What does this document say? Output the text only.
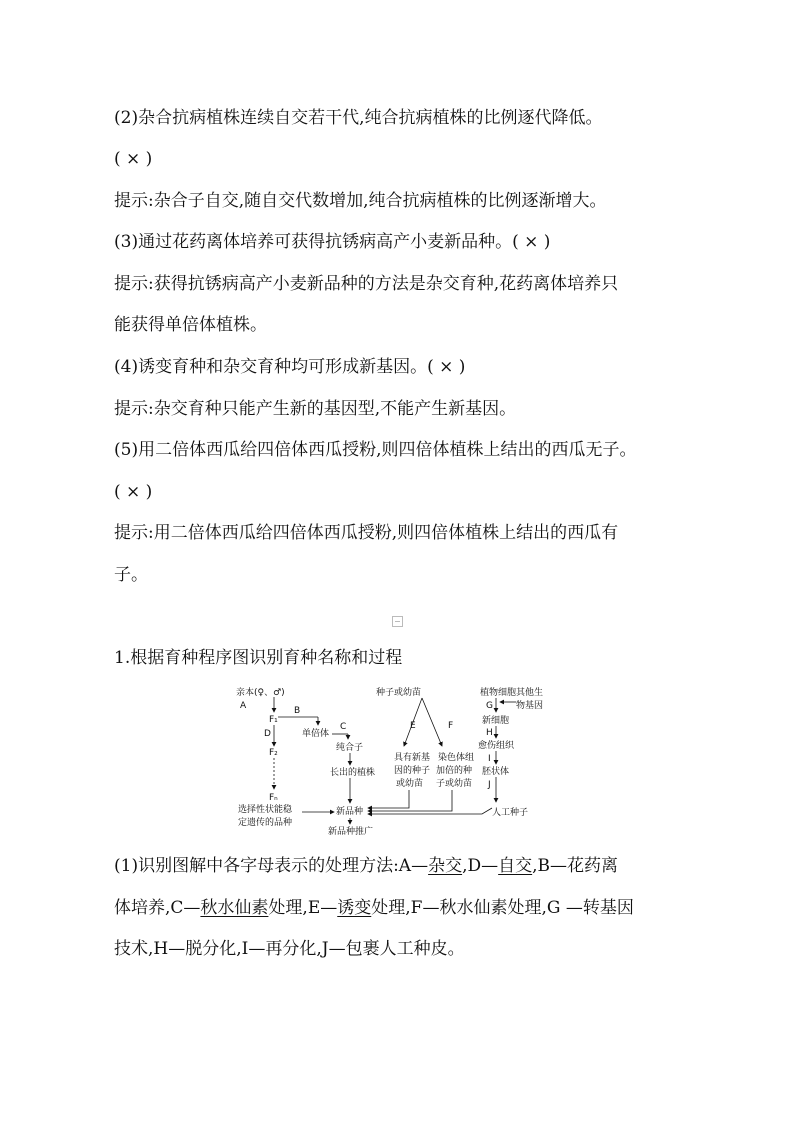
(2)杂合抗病植株连续自交若干代,纯合抗病植株的比例逐代降低。
( × )
提示:杂合子自交,随自交代数增加,纯合抗病植株的比例逐渐增大。
(3)通过花药离体培养可获得抗锈病高产小麦新品种。( × )
提示:获得抗锈病高产小麦新品种的方法是杂交育种,花药离体培养只
能获得单倍体植株。
(4)诱变育种和杂交育种均可形成新基因。( × )
提示:杂交育种只能产生新的基因型,不能产生新基因。
(5)用二倍体西瓜给四倍体西瓜授粉,则四倍体植株上结出的西瓜无子。
( × )
提示:用二倍体西瓜给四倍体西瓜授粉,则四倍体植株上结出的西瓜有
子。
1.根据育种程序图识别育种名称和过程
亲本(♀、♂)
A
F₁
B
单倍体
C
纯合子
长出的植株
D
F₂
Fₙ
选择性状能稳
定遗传的品种
新品种
新品种推广
种子或幼苗
E	F
具有新基
因的种子
或幼苗
染色体组
加倍的种
子或幼苗
植物细胞
G
其他生
物基因
新细胞
H
愈伤组织
I
胚状体
J
人工种子
(1)识别图解中各字母表示的处理方法:A—杂交,D—自交,B—花药离
体培养,C—秋水仙素处理,E—诱变处理,F—秋水仙素处理,G —转基因
技术,H—脱分化,I—再分化,J—包裹人工种皮。
